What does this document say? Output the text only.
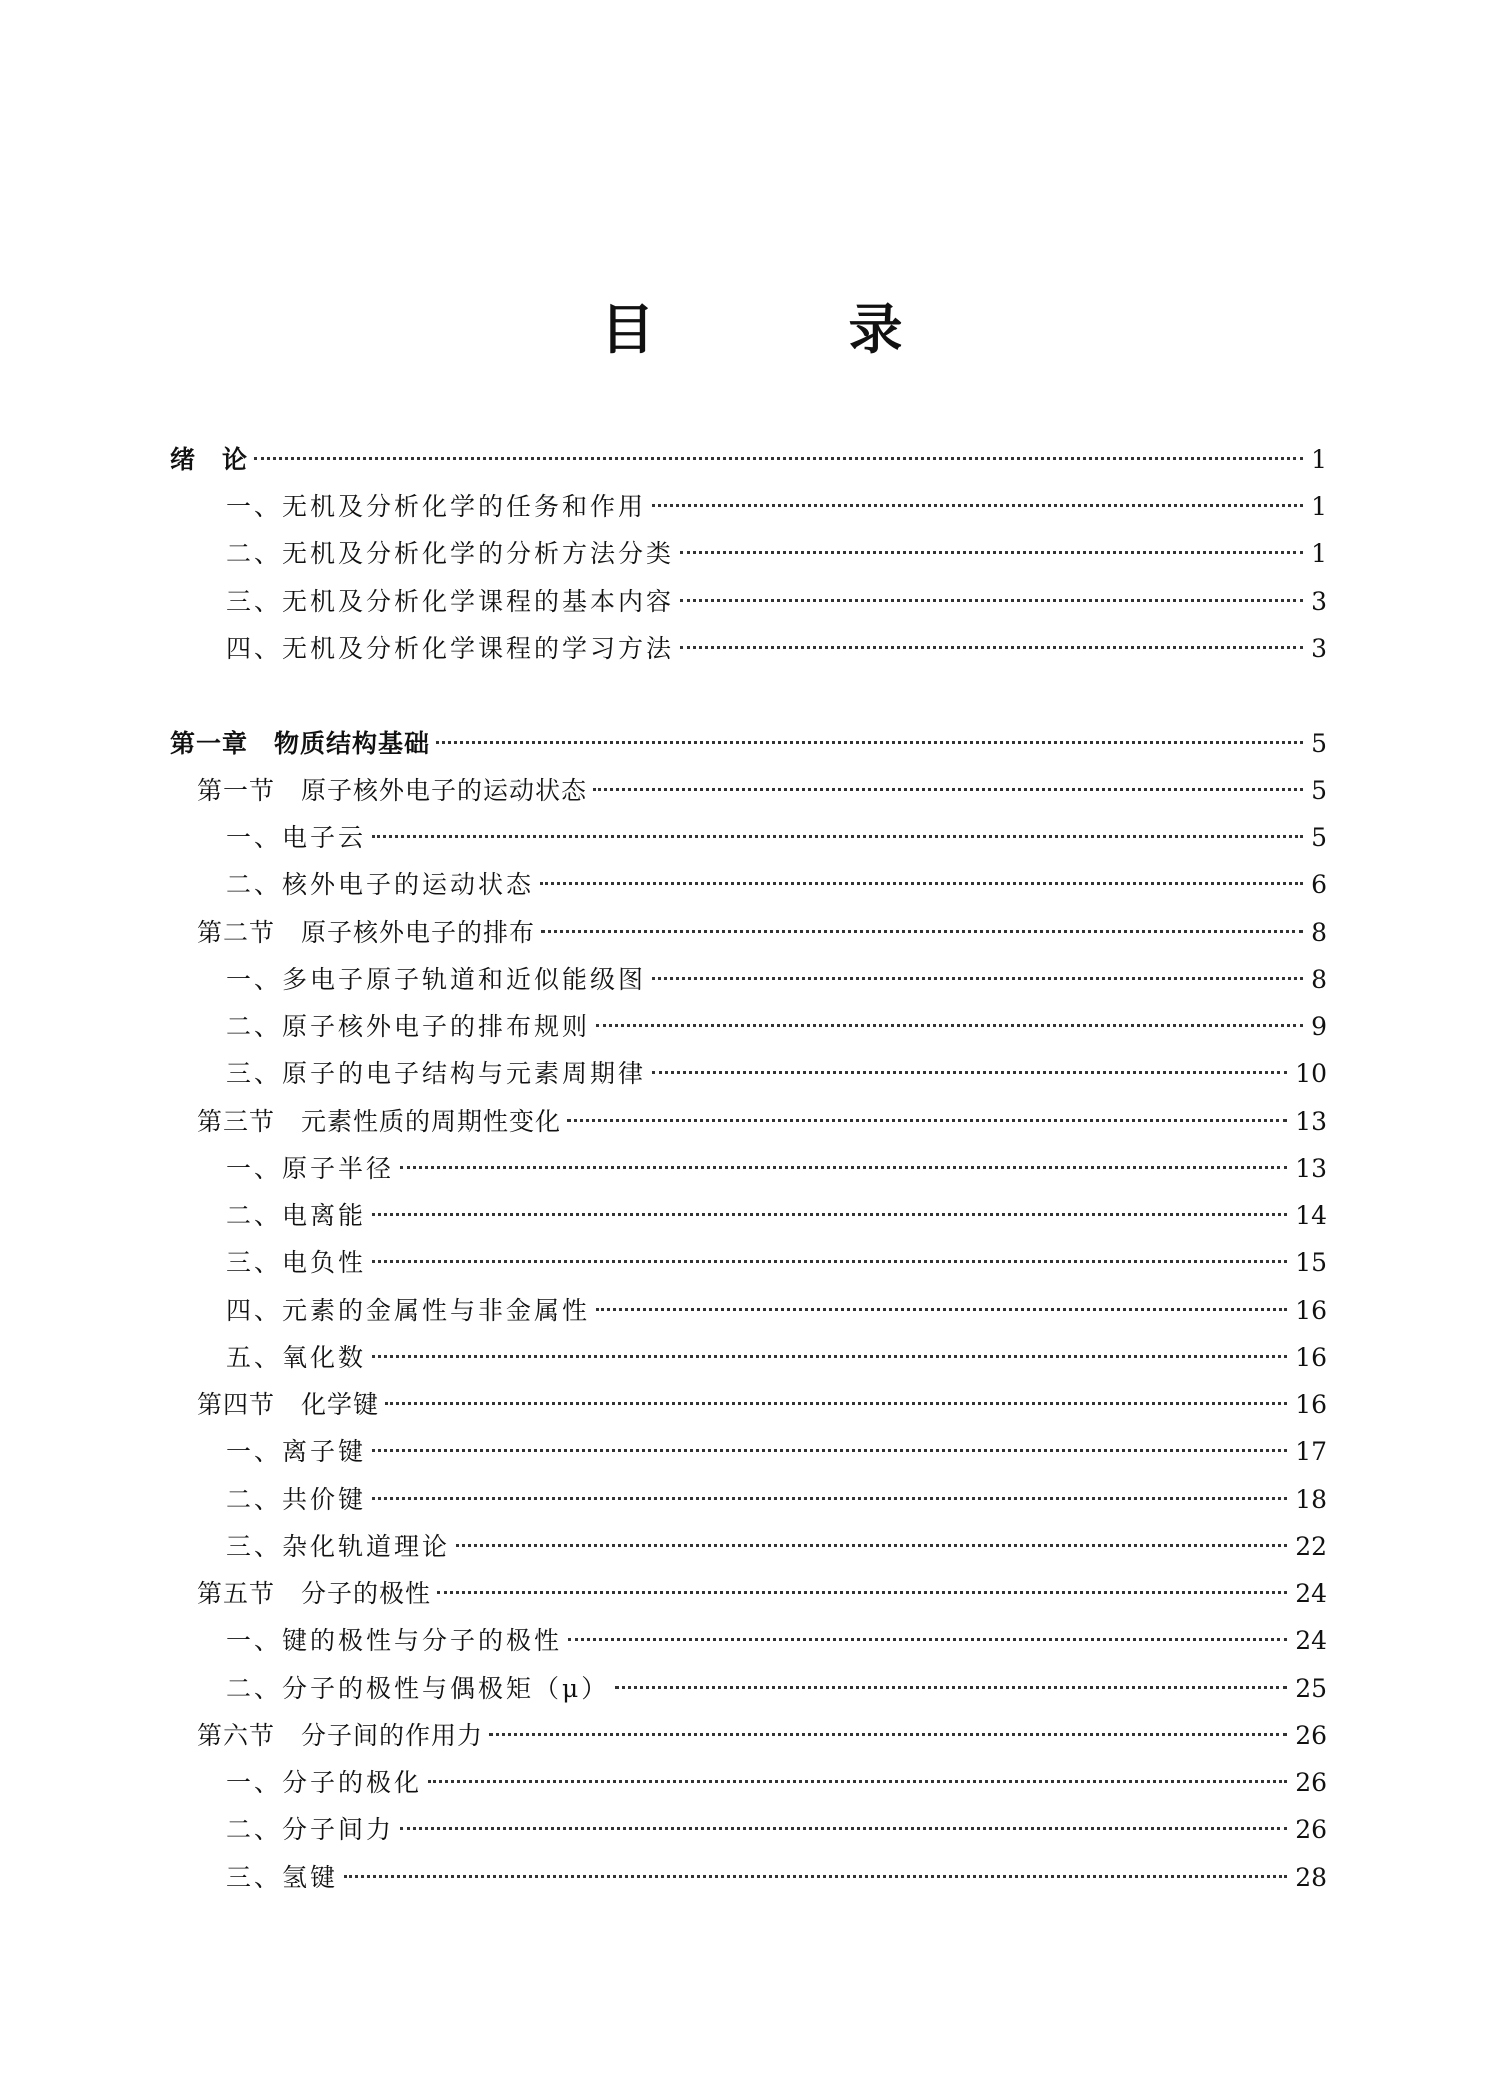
目　录
绪　论	1
一、无机及分析化学的任务和作用	1
二、无机及分析化学的分析方法分类	1
三、无机及分析化学课程的基本内容	3
四、无机及分析化学课程的学习方法	3
第一章　物质结构基础	5
第一节　原子核外电子的运动状态	5
一、电子云	5
二、核外电子的运动状态	6
第二节　原子核外电子的排布	8
一、多电子原子轨道和近似能级图	8
二、原子核外电子的排布规则	9
三、原子的电子结构与元素周期律	10
第三节　元素性质的周期性变化	13
一、原子半径	13
二、电离能	14
三、电负性	15
四、元素的金属性与非金属性	16
五、氧化数	16
第四节　化学键	16
一、离子键	17
二、共价键	18
三、杂化轨道理论	22
第五节　分子的极性	24
一、键的极性与分子的极性	24
二、分子的极性与偶极矩（μ）	25
第六节　分子间的作用力	26
一、分子的极化	26
二、分子间力	26
三、氢键	28
